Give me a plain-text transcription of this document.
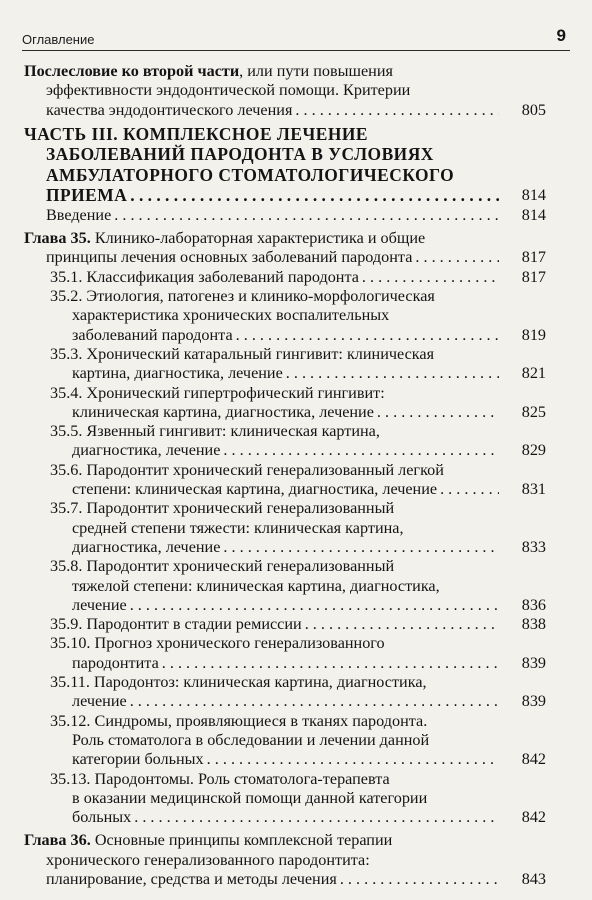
Оглавление	9
Послесловие ко второй части, или пути повышения
эффективности эндодонтической помощи. Критерии
качества эндодонтического лечения . . .	805
ЧАСТЬ III. КОМПЛЕКСНОЕ ЛЕЧЕНИЕ
ЗАБОЛЕВАНИЙ ПАРОДОНТА В УСЛОВИЯХ
АМБУЛАТОРНОГО СТОМАТОЛОГИЧЕСКОГО
ПРИЕМА . . .	814
Введение . . .	814
Глава 35. Клинико-лабораторная характеристика и общие
принципы лечения основных заболеваний пародонта . . .	817
35.1. Классификация заболеваний пародонта . . .	817
35.2. Этиология, патогенез и клинико-морфологическая
характеристика хронических воспалительных
заболеваний пародонта . . .	819
35.3. Хронический катаральный гингивит: клиническая
картина, диагностика, лечение . . .	821
35.4. Хронический гипертрофический гингивит:
клиническая картина, диагностика, лечение . . .	825
35.5. Язвенный гингивит: клиническая картина,
диагностика, лечение . . .	829
35.6. Пародонтит хронический генерализованный легкой
степени: клиническая картина, диагностика, лечение . . .	831
35.7. Пародонтит хронический генерализованный
средней степени тяжести: клиническая картина,
диагностика, лечение . . .	833
35.8. Пародонтит хронический генерализованный
тяжелой степени: клиническая картина, диагностика,
лечение . . .	836
35.9. Пародонтит в стадии ремиссии . . .	838
35.10. Прогноз хронического генерализованного
пародонтита . . .	839
35.11. Пародонтоз: клиническая картина, диагностика,
лечение . . .	839
35.12. Синдромы, проявляющиеся в тканях пародонта.
Роль стоматолога в обследовании и лечении данной
категории больных . . .	842
35.13. Пародонтомы. Роль стоматолога-терапевта
в оказании медицинской помощи данной категории
больных . . .	842
Глава 36. Основные принципы комплексной терапии
хронического генерализованного пародонтита:
планирование, средства и методы лечения . . .	843
